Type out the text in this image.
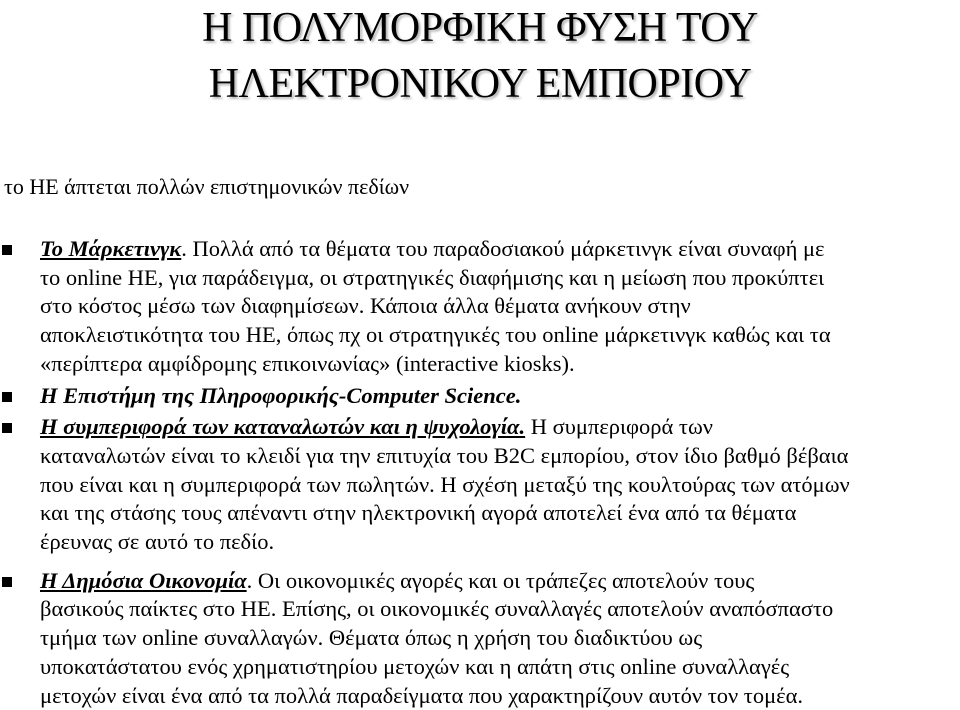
Η ΠΟΛΥΜΟΡΦΙΚΗ ΦΥΣΗ ΤΟΥ
ΗΛΕΚΤΡΟΝΙΚΟΥ ΕΜΠΟΡΙΟΥ
το ΗΕ άπτεται πολλών επιστημονικών πεδίων
Το Μάρκετινγκ. Πολλά από τα θέματα του παραδοσιακού μάρκετινγκ είναι συναφή με
το online ΗΕ, για παράδειγμα, οι στρατηγικές διαφήμισης και η μείωση που προκύπτει
στο κόστος μέσω των διαφημίσεων. Κάποια άλλα θέματα ανήκουν στην
αποκλειστικότητα του ΗΕ, όπως πχ οι στρατηγικές του online μάρκετινγκ καθώς και τα
«περίπτερα αμφίδρομης επικοινωνίας» (interactive kiosks).
Η Επιστήμη της Πληροφορικής-Computer Science.
Η συμπεριφορά των καταναλωτών και η ψυχολογία. Η συμπεριφορά των
καταναλωτών είναι το κλειδί για την επιτυχία του B2C εμπορίου, στον ίδιο βαθμό βέβαια
που είναι και η συμπεριφορά των πωλητών. Η σχέση μεταξύ της κουλτούρας των ατόμων
και της στάσης τους απέναντι στην ηλεκτρονική αγορά αποτελεί ένα από τα θέματα
έρευνας σε αυτό το πεδίο.
Η Δημόσια Οικονομία. Οι οικονομικές αγορές και οι τράπεζες αποτελούν τους
βασικούς παίκτες στο ΗΕ. Επίσης, οι οικονομικές συναλλαγές αποτελούν αναπόσπαστο
τμήμα των online συναλλαγών. Θέματα όπως η χρήση του διαδικτύου ως
υποκατάστατου ενός χρηματιστηρίου μετοχών και η απάτη στις online συναλλαγές
μετοχών είναι ένα από τα πολλά παραδείγματα που χαρακτηρίζουν αυτόν τον τομέα.
